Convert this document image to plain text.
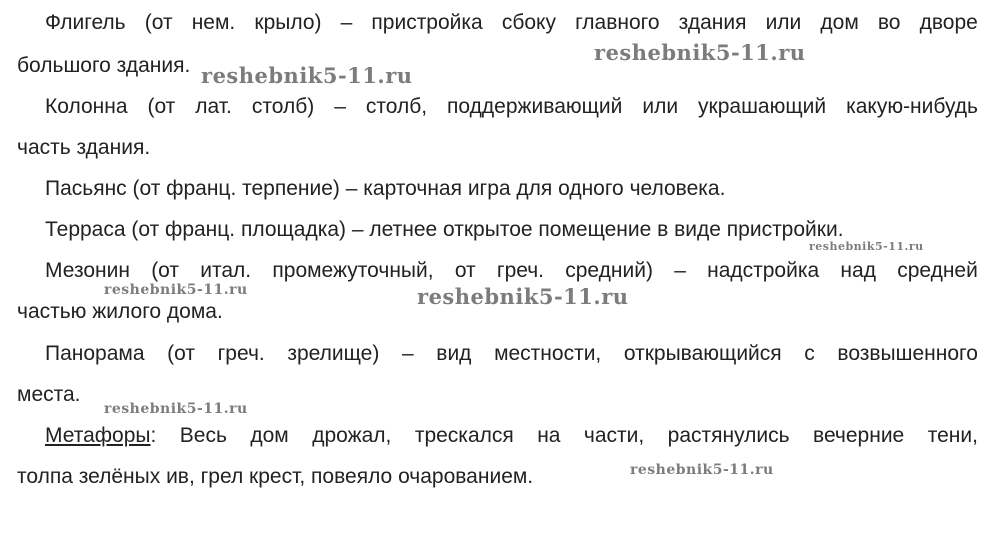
Флигель (от нем. крыло) – пристройка сбоку главного здания или дом во дворе
большого здания.
Колонна (от лат. столб) – столб, поддерживающий или украшающий какую-нибудь
часть здания.
Пасьянс (от франц. терпение) – карточная игра для одного человека.
Терраса (от франц. площадка) – летнее открытое помещение в виде пристройки.
Мезонин (от итал. промежуточный, от греч. средний) – надстройка над средней
частью жилого дома.
Панорама (от греч. зрелище) – вид местности, открывающийся с возвышенного
места.
Метафоры: Весь дом дрожал, трескался на части, растянулись вечерние тени,
толпа зелёных ив, грел крест, повеяло очарованием.
reshebnik5-11.ru
reshebnik5-11.ru
reshebnik5-11.ru
reshebnik5-11.ru	reshebnik5-11.ru
reshebnik5-11.ru
reshebnik5-11.ru
